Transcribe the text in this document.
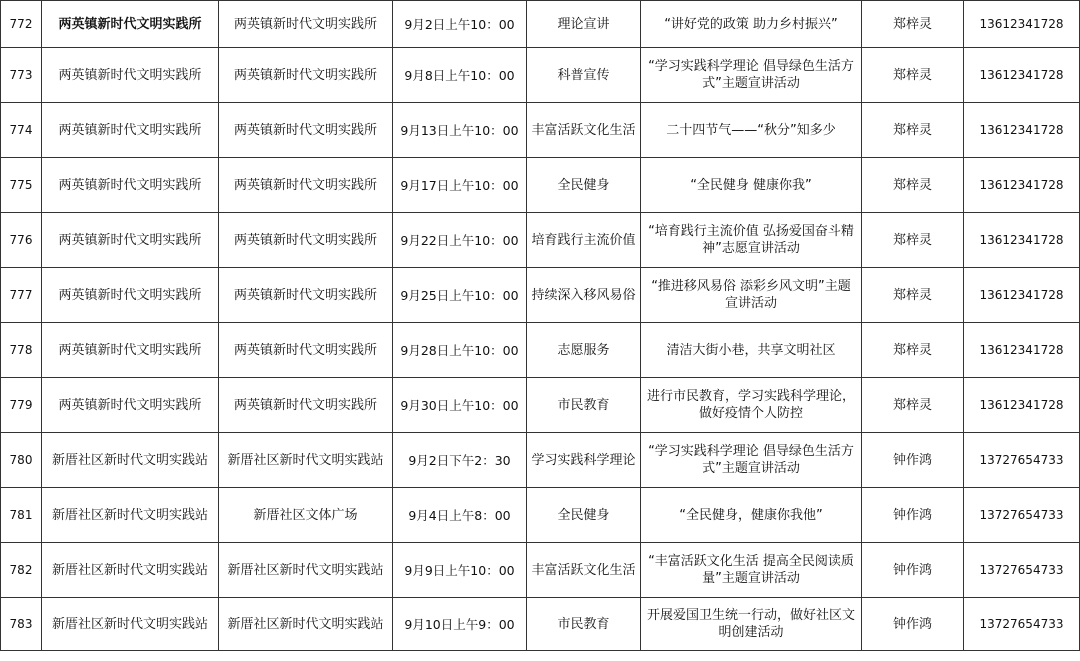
772	两英镇新时代文明实践所	两英镇新时代文明实践所	9月2日上午10：00	理论宣讲	“讲好党的政策 助力乡村振兴”	郑梓灵	13612341728
773	两英镇新时代文明实践所	两英镇新时代文明实践所	9月8日上午10：00	科普宣传	“学习实践科学理论 倡导绿色生活方式”主题宣讲活动	郑梓灵	13612341728
774	两英镇新时代文明实践所	两英镇新时代文明实践所	9月13日上午10：00	丰富活跃文化生活	二十四节气——“秋分”知多少	郑梓灵	13612341728
775	两英镇新时代文明实践所	两英镇新时代文明实践所	9月17日上午10：00	全民健身	“全民健身 健康你我”	郑梓灵	13612341728
776	两英镇新时代文明实践所	两英镇新时代文明实践所	9月22日上午10：00	培育践行主流价值	“培育践行主流价值 弘扬爱国奋斗精神”志愿宣讲活动	郑梓灵	13612341728
777	两英镇新时代文明实践所	两英镇新时代文明实践所	9月25日上午10：00	持续深入移风易俗	“推进移风易俗 添彩乡风文明”主题宣讲活动	郑梓灵	13612341728
778	两英镇新时代文明实践所	两英镇新时代文明实践所	9月28日上午10：00	志愿服务	清洁大街小巷，共享文明社区	郑梓灵	13612341728
779	两英镇新时代文明实践所	两英镇新时代文明实践所	9月30日上午10：00	市民教育	进行市民教育，学习实践科学理论，做好疫情个人防控	郑梓灵	13612341728
780	新厝社区新时代文明实践站	新厝社区新时代文明实践站	9月2日下午2：30	学习实践科学理论	“学习实践科学理论 倡导绿色生活方式”主题宣讲活动	钟作鸿	13727654733
781	新厝社区新时代文明实践站	新厝社区文体广场	9月4日上午8：00	全民健身	“全民健身，健康你我他”	钟作鸿	13727654733
782	新厝社区新时代文明实践站	新厝社区新时代文明实践站	9月9日上午10：00	丰富活跃文化生活	“丰富活跃文化生活 提高全民阅读质量”主题宣讲活动	钟作鸿	13727654733
783	新厝社区新时代文明实践站	新厝社区新时代文明实践站	9月10日上午9：00	市民教育	开展爱国卫生统一行动，做好社区文明创建活动	钟作鸿	13727654733
